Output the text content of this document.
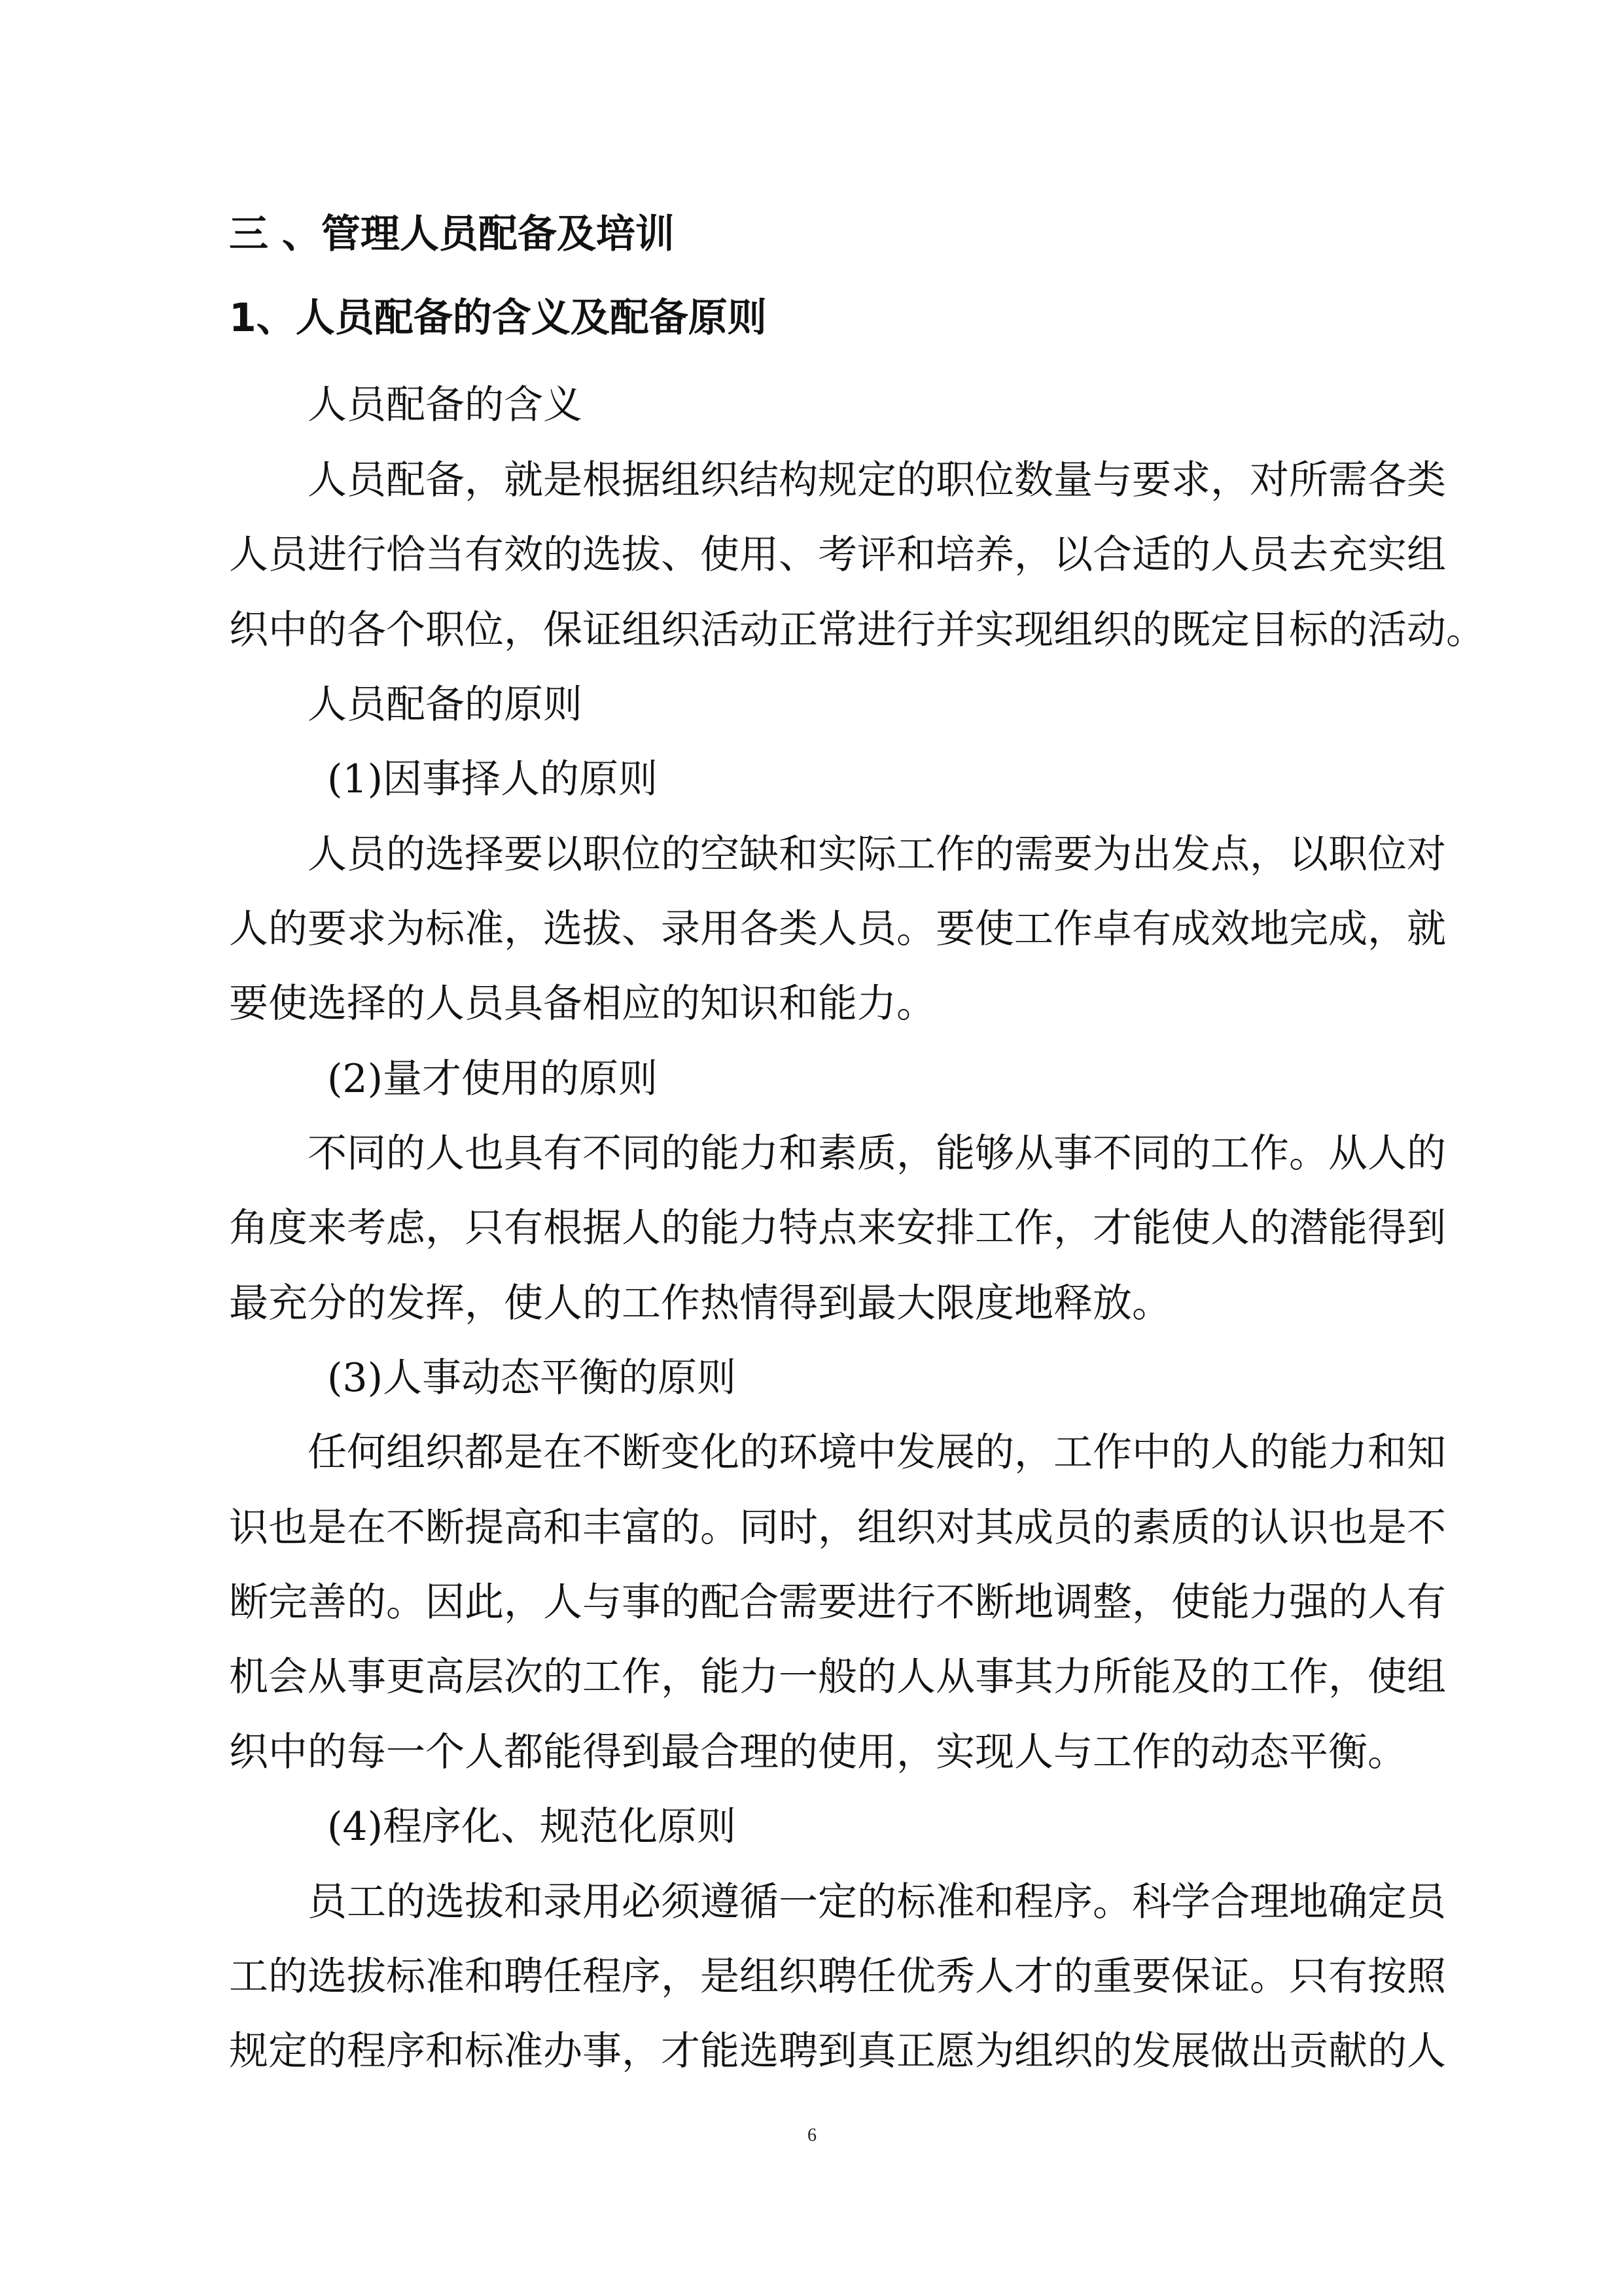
三 、管理人员配备及培训
1、人员配备的含义及配备原则
人员配备的含义
人员配备，就是根据组织结构规定的职位数量与要求，对所需各类
人员进行恰当有效的选拔、使用、考评和培养，以合适的人员去充实组
织中的各个职位，保证组织活动正常进行并实现组织的既定目标的活动。
人员配备的原则
(1)因事择人的原则
人员的选择要以职位的空缺和实际工作的需要为出发点，以职位对
人的要求为标准，选拔、录用各类人员。要使工作卓有成效地完成，就
要使选择的人员具备相应的知识和能力。
(2)量才使用的原则
不同的人也具有不同的能力和素质，能够从事不同的工作。从人的
角度来考虑，只有根据人的能力特点来安排工作，才能使人的潜能得到
最充分的发挥，使人的工作热情得到最大限度地释放。
(3)人事动态平衡的原则
任何组织都是在不断变化的环境中发展的，工作中的人的能力和知
识也是在不断提高和丰富的。同时，组织对其成员的素质的认识也是不
断完善的。因此，人与事的配合需要进行不断地调整，使能力强的人有
机会从事更高层次的工作，能力一般的人从事其力所能及的工作，使组
织中的每一个人都能得到最合理的使用，实现人与工作的动态平衡。
(4)程序化、规范化原则
员工的选拔和录用必须遵循一定的标准和程序。科学合理地确定员
工的选拔标准和聘任程序，是组织聘任优秀人才的重要保证。只有按照
规定的程序和标准办事，才能选聘到真正愿为组织的发展做出贡献的人
6
